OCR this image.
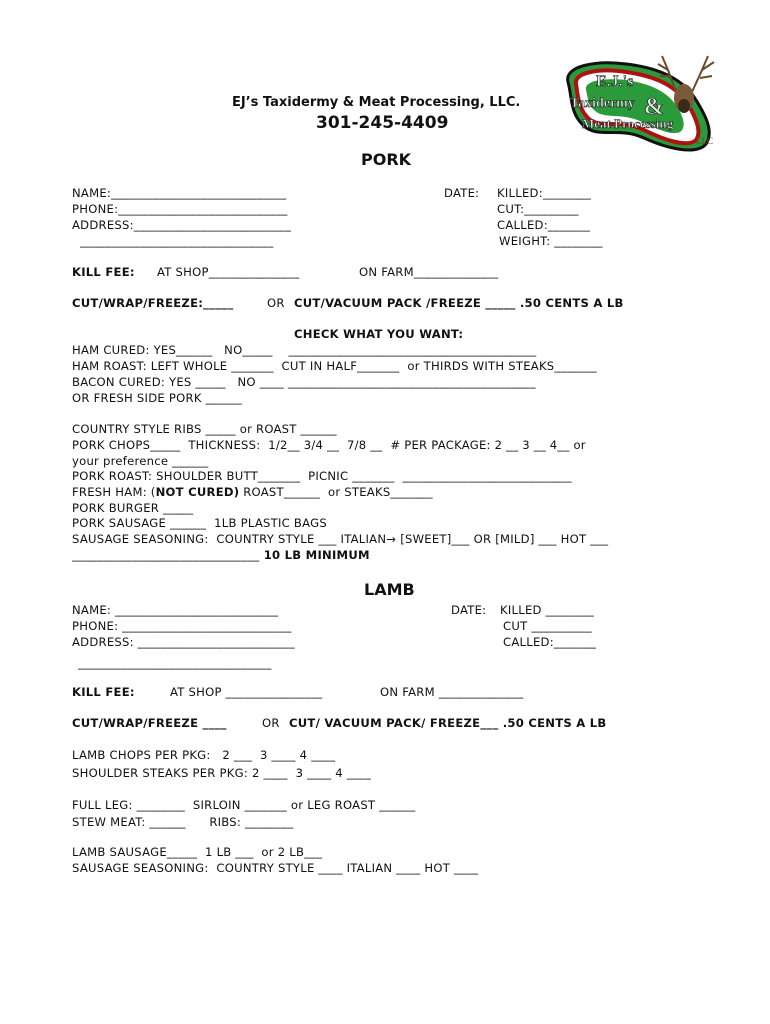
E.J.'s
Taxidermy &
Meat Processing
LLC
EJ’s Taxidermy & Meat Processing, LLC.
301-245-4409
PORK
NAME:_____________________________
PHONE:____________________________
ADDRESS:__________________________
________________________________
DATE: KILLED:________
CUT:_________
CALLED:_______
WEIGHT: ________
KILL FEE: AT SHOP_______________	ON FARM______________
CUT/WRAP/FREEZE:_____	OR CUT/VACUUM PACK /FREEZE _____ .50 CENTS A LB
CHECK WHAT YOU WANT:
HAM CURED: YES______   NO_____    _________________________________________
HAM ROAST: LEFT WHOLE _______  CUT IN HALF_______  or THIRDS WITH STEAKS_______
BACON CURED: YES _____   NO ____ _________________________________________
OR FRESH SIDE PORK ______
COUNTRY STYLE RIBS _____ or ROAST ______
PORK CHOPS_____  THICKNESS:  1/2__ 3/4 __  7/8 __  # PER PACKAGE: 2 __ 3 __ 4__ or
your preference ______
PORK ROAST: SHOULDER BUTT_______  PICNIC _______  ____________________________
FRESH HAM: (NOT CURED) ROAST______  or STEAKS_______
PORK BURGER _____
PORK SAUSAGE ______  1LB PLASTIC BAGS
SAUSAGE SEASONING:  COUNTRY STYLE ___ ITALIAN→ [SWEET]___ OR [MILD] ___ HOT ___
_______________________________ 10 LB MINIMUM
LAMB
NAME: ___________________________
PHONE: ____________________________
ADDRESS: __________________________
________________________________
DATE: KILLED ________
CUT __________
CALLED:_______
KILL FEE:	AT SHOP ________________	ON FARM ______________
CUT/WRAP/FREEZE ____	OR CUT/ VACUUM PACK/ FREEZE___ .50 CENTS A LB
LAMB CHOPS PER PKG:   2 ___  3 ____ 4 ____
SHOULDER STEAKS PER PKG: 2 ____  3 ____ 4 ____
FULL LEG: ________  SIRLOIN _______ or LEG ROAST ______
STEW MEAT: ______      RIBS: ________
LAMB SAUSAGE_____  1 LB ___  or 2 LB___
SAUSAGE SEASONING:  COUNTRY STYLE ____ ITALIAN ____ HOT ____
